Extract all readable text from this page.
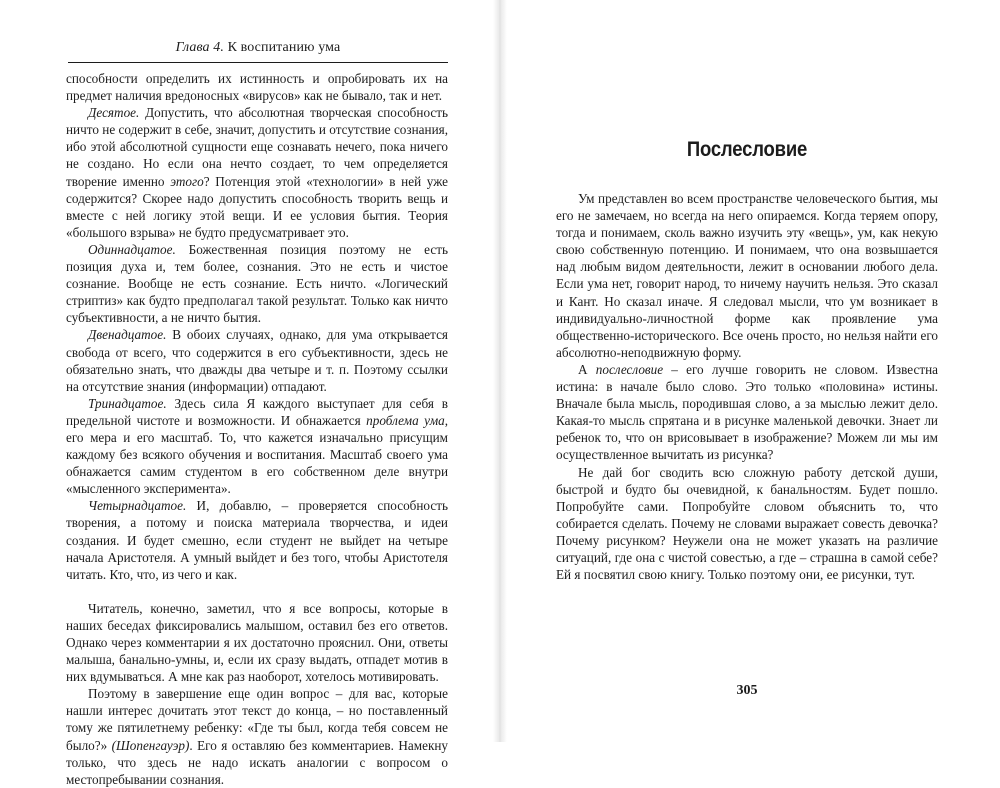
Глава 4. К воспитанию ума

способности определить их истинность и опробировать их на предмет наличия вредоносных «вирусов» как не бывало, так и нет.

Десятое. Допустить, что абсолютная творческая способность ничто не содержит в себе, значит, допустить и отсутствие сознания, ибо этой абсолютной сущности еще сознавать нечего, пока ничего не создано. Но если она нечто создает, то чем определяется творение именно этого? Потенция этой «технологии» в ней уже содержится? Скорее надо допустить способность творить вещь и вместе с ней логику этой вещи. И ее условия бытия. Теория «большого взрыва» не будто предусматривает это.

Одиннадцатое. Божественная позиция поэтому не есть позиция духа и, тем более, сознания. Это не есть и чистое сознание. Вообще не есть сознание. Есть ничто. «Логический стриптиз» как будто предполагал такой результат. Только как ничто субъективности, а не ничто бытия.

Двенадцатое. В обоих случаях, однако, для ума открывается свобода от всего, что содержится в его субъективности, здесь не обязательно знать, что дважды два четыре и т. п. Поэтому ссылки на отсутствие знания (информации) отпадают.

Тринадцатое. Здесь сила Я каждого выступает для себя в предельной чистоте и возможности. И обнажается проблема ума, его мера и его масштаб. То, что кажется изначально присущим каждому без всякого обучения и воспитания. Масштаб своего ума обнажается самим студентом в его собственном деле внутри «мысленного эксперимента».

Четырнадцатое. И, добавлю, – проверяется способность творения, а потому и поиска материала творчества, и идеи создания. И будет смешно, если студент не выйдет на четыре начала Аристотеля. А умный выйдет и без того, чтобы Аристотеля читать. Кто, что, из чего и как.

Читатель, конечно, заметил, что я все вопросы, которые в наших беседах фиксировались малышом, оставил без его ответов. Однако через комментарии я их достаточно прояснил. Они, ответы малыша, банально-умны, и, если их сразу выдать, отпадет мотив в них вдумываться. А мне как раз наоборот, хотелось мотивировать.

Поэтому в завершение еще один вопрос – для вас, которые нашли интерес дочитать этот текст до конца, – но поставленный тому же пятилетнему ребенку: «Где ты был, когда тебя совсем не было?» (Шопенгауэр). Его я оставляю без комментариев. Намекну только, что здесь не надо искать аналогии с вопросом о местопребывании сознания.

Послесловие

Ум представлен во всем пространстве человеческого бытия, мы его не замечаем, но всегда на него опираемся. Когда теряем опору, тогда и понимаем, сколь важно изучить эту «вещь», ум, как некую свою собственную потенцию. И понимаем, что она возвышается над любым видом деятельности, лежит в основании любого дела. Если ума нет, говорит народ, то ничему научить нельзя. Это сказал и Кант. Но сказал иначе. Я следовал мысли, что ум возникает в индивидуально-личностной форме как проявление ума общественно-исторического. Все очень просто, но нельзя найти его абсолютно-неподвижную форму.

А послесловие – его лучше говорить не словом. Известна истина: в начале было слово. Это только «половина» истины. Вначале была мысль, породившая слово, а за мыслью лежит дело. Какая-то мысль спрятана и в рисунке маленькой девочки. Знает ли ребенок то, что он врисовывает в изображение? Можем ли мы им осуществленное вычитать из рисунка?

Не дай бог сводить всю сложную работу детской души, быстрой и будто бы очевидной, к банальностям. Будет пошло. Попробуйте сами. Попробуйте словом объяснить то, что собирается сделать. Почему не словами выражает совесть девочка? Почему рисунком? Неужели она не может указать на различие ситуаций, где она с чистой совестью, а где – страшна в самой себе? Ей я посвятил свою книгу. Только поэтому они, ее рисунки, тут.

305
